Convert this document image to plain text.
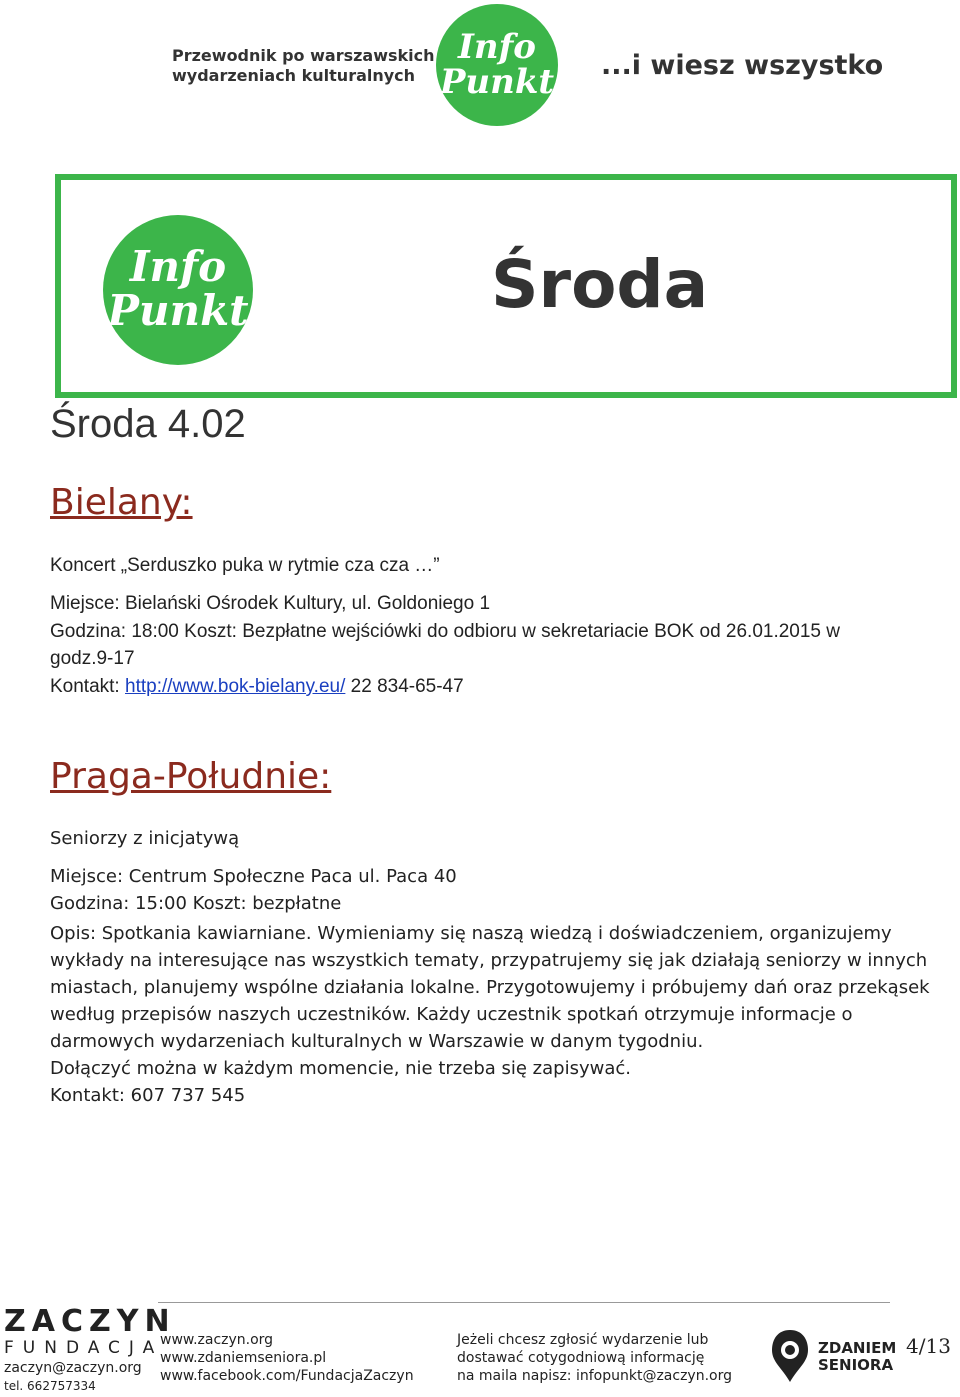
Przewodnik po warszawskich
wydarzeniach kulturalnych
Info
Punkt ...i wiesz wszystko
Info
Punkt	Środa
Środa 4.02
Bielany:
Koncert „Serduszko puka w rytmie cza cza …”
Miejsce: Bielański Ośrodek Kultury, ul. Goldoniego 1
Godzina: 18:00 Koszt: Bezpłatne wejściówki do odbioru w sekretariacie BOK od 26.01.2015 w
godz.9-17
Kontakt: http://www.bok-bielany.eu/ 22 834-65-47
Praga-Południe:
Seniorzy z inicjatywą
Miejsce: Centrum Społeczne Paca ul. Paca 40
Godzina: 15:00 Koszt: bezpłatne
Opis: Spotkania kawiarniane. Wymieniamy się naszą wiedzą i doświadczeniem, organizujemy wykłady na interesujące nas wszystkich tematy, przypatrujemy się jak działają seniorzy w innych miastach, planujemy wspólne działania lokalne. Przygotowujemy i próbujemy dań oraz przekąsek według przepisów naszych uczestników. Każdy uczestnik spotkań otrzymuje informacje o darmowych wydarzeniach kulturalnych w Warszawie w danym tygodniu.
Dołączyć można w każdym momencie, nie trzeba się zapisywać.
Kontakt: 607 737 545
ZACZYN
FUNDACJA
zaczyn@zaczyn.org
tel. 662757334
www.zaczyn.org
www.zdaniemseniora.pl
www.facebook.com/FundacjaZaczyn
Jeżeli chcesz zgłosić wydarzenie lub
dostawać cotygodniową informację
na maila napisz: infopunkt@zaczyn.org
ZDANIEM
SENIORA
4/13
